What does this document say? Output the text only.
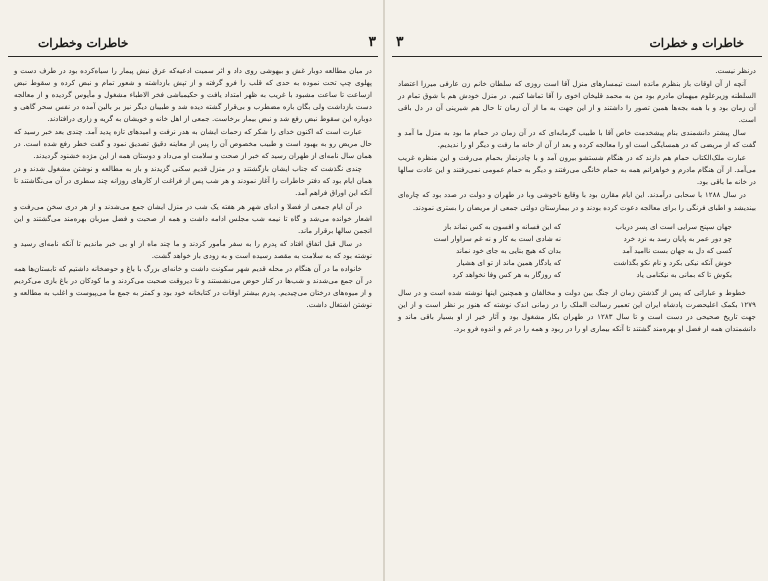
۳
خاطرات وخطرات

در میان مطالعه دوبار غش و بیهوشی روی داد و اثر سمیت ادعیه‌که عرق نیش پیمار را سیاه‌کرده بود در طرف دست و پهلوی چپ تحت نموده به حدی که قلب را فرو گرفته و از تپش بازداشته و شعور تمام و نبض کرده و سقوط نبض ازساعت تا ساعت مشبود با غریب به ظهر امتداد یافت و حکیمباشی فخر الاطباء مشغول و مأیوس گردیده و از معالجه دست بازداشت ولی بگان باره مضطرب و بی‌قرار گشته دیده شد و طبیبان دیگر نیز بر بالین آمده در نفس سحر گاهی و دوباره این سقوط نبض رفع شد و نبض بیمار برخاست. جمعی از اهل خانه و خویشان به گریه و زاری درافتادند.

عبارت است که اکنون خدای را شکر که زحمات ایشان به هدر نرفت و امیدهای تازه پدید آمد. چندی بعد خبر رسید که حال مریض رو به بهبود است و طبیب مخصوص آن را پس از معاینه دقیق تصدیق نمود و گفت خطر رفع شده است. در همان سال نامه‌ای از طهران رسید که خبر از صحت و سلامت او می‌داد و دوستان همه از این مژده خشنود گردیدند.

چندی نگذشت که جناب ایشان بازگشتند و در منزل قدیم سکنی گزیدند و باز به مطالعه و نوشتن مشغول شدند و در همان ایام بود که دفتر خاطرات را آغاز نمودند و هر شب پس از فراغت از کارهای روزانه چند سطری در آن می‌نگاشتند تا آنکه این اوراق فراهم آمد.

در آن ایام جمعی از فضلا و ادبای شهر هر هفته یک شب در منزل ایشان جمع می‌شدند و از هر دری سخن می‌رفت و اشعار خوانده می‌شد و گاه تا نیمه شب مجلس ادامه داشت و همه از صحبت و فضل میزبان بهره‌مند می‌گشتند و این انجمن سالها برقرار ماند.

در سال قبل اتفاق افتاد که پدرم را به سفر مأمور کردند و ما چند ماه از او بی خبر ماندیم تا آنکه نامه‌ای رسید و نوشته بود که به سلامت به مقصد رسیده است و به زودی باز خواهد گشت.

خانواده ما در آن هنگام در محله قدیم شهر سکونت داشت و خانه‌ای بزرگ با باغ و حوضخانه داشتیم که تابستان‌ها همه در آن جمع می‌شدند و شب‌ها در کنار حوض می‌نشستند و تا دیروقت صحبت می‌کردند و ما کودکان در باغ بازی می‌کردیم و از میوه‌های درختان می‌چیدیم. پدرم بیشتر اوقات در کتابخانه خود بود و کمتر به جمع ما می‌پیوست و اغلب به مطالعه و نوشتن اشتغال داشت.

۳	خاطرات و خطرات

درنظر نیست.

آنچه از آن اوقات باز بنظرم مانده است تیمسارهای منزل آقا است روزی که سلطان خانم زن عارفی میرزا اعتضاد السلطنه وزیرعلوم میهمان مادرم بود من به محمد قلیخان اخوی را آقا تماشا کنیم. در منزل خودش هم با شوق تمام در آن زمان بود و با همه بجه‌ها همین تصور را داشتند و از این جهت به ما از آن زمان تا حال هم شیرینی آن در دل باقی است.

سال پیشتر دانشمندی بنام پیشخدمت خاص آقا با طبیب گرمابه‌ای که در آن زمان در حمام ما بود به منزل ما آمد و گفت که از مریضی که در همسایگی است او را معالجه کرده و بعد از آن از خانه ما رفت و دیگر او را ندیدیم.

عبارت ملک‌الکتاب حمام هم دارند که در هنگام شستشو بیرون آمد و با چادرنماز بحمام می‌رفت و این منظره غریب می‌آمد. از آن هنگام مادرم و خواهرانم همه به حمام خانگی می‌رفتند و دیگر به حمام عمومی نمی‌رفتند و این عادت سالها در خانه ما باقی بود.

در سال ۱۲۸۸ با سحابی درآمدند. این ایام مقارن بود با وقایع ناخوشی وبا در طهران و دولت در صدد بود که چاره‌ای بیندیشد و اطبای فرنگی را برای معالجه دعوت کرده بودند و در بیمارستان دولتی جمعی از مریضان را بستری نمودند.

جهان سپنج سرایی است ای پسر دریاب
که این فسانه و افسون به کس نماند باز
چو دور عمر به پایان رسد به نزد خرد
نه شادی است به کار و نه غم سزاوار است
کسی که دل به جهان بست ناامید آمد
بدان که هیچ بنایی به جای خود نماند
خوش آنکه نیکی بکرد و نام نکو بگذاشت
که یادگار همین ماند از تو ای هشیار
بکوش تا که بمانی به نیکنامی یاد
که روزگار به هر کس وفا نخواهد کرد

خطوط و عباراتی که پس از گذشتن زمان از جنگ بین دولت و مخالفان و همچنین اینها نوشته شده است و در سال ۱۲۷۹ بکمک اعلیحضرت پادشاه ایران این تعمیر رسالت الملک را در زمانی اندک نوشته که هنوز بر نظر است و از این جهت تاریخ صحیحی در دست است و تا سال ۱۲۸۳ در طهران بکار مشغول بود و آثار خیر از او بسیار باقی ماند و دانشمندان همه از فضل او بهره‌مند گشتند تا آنکه بیماری او را در ربود و همه را در غم و اندوه فرو برد.
